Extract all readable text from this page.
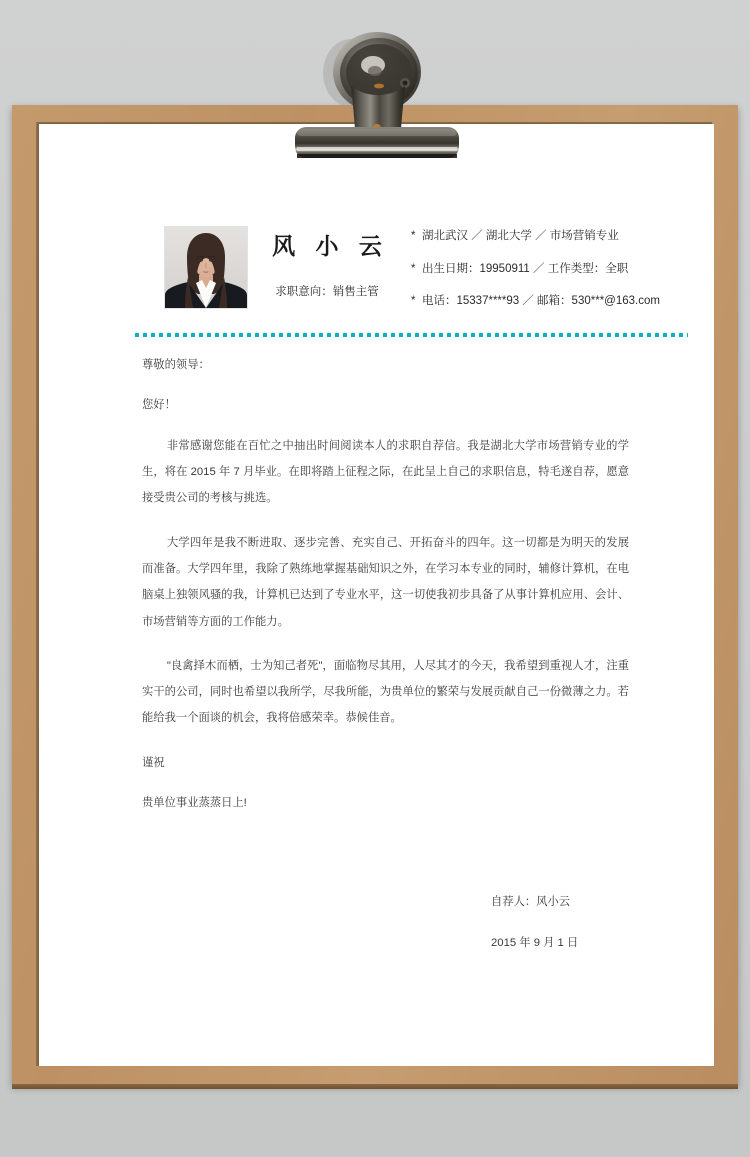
风 小 云
求职意向：销售主管
* 湖北武汉 ／ 湖北大学 ／ 市场营销专业
* 出生日期：19950911 ／ 工作类型：全职
* 电话：15337****93 ／ 邮箱：530***@163.com

尊敬的领导：

您好！

非常感谢您能在百忙之中抽出时间阅读本人的求职自荐信。我是湖北大学市场营销专业的学生，将在 2015 年 7 月毕业。在即将踏上征程之际，在此呈上自己的求职信息，特毛遂自荐，愿意接受贵公司的考核与挑选。

大学四年是我不断进取、逐步完善、充实自己、开拓奋斗的四年。这一切都是为明天的发展而准备。大学四年里，我除了熟练地掌握基础知识之外，在学习本专业的同时，辅修计算机，在电脑桌上独领风骚的我，计算机已达到了专业水平，这一切使我初步具备了从事计算机应用、会计、市场营销等方面的工作能力。

"良禽择木而栖，士为知己者死"，面临物尽其用，人尽其才的今天，我希望到重视人才，注重实干的公司，同时也希望以我所学，尽我所能，为贵单位的繁荣与发展贡献自己一份微薄之力。若能给我一个面谈的机会，我将倍感荣幸。恭候佳音。

谨祝

贵单位事业蒸蒸日上!

自荐人：风小云
2015 年 9 月 1 日
